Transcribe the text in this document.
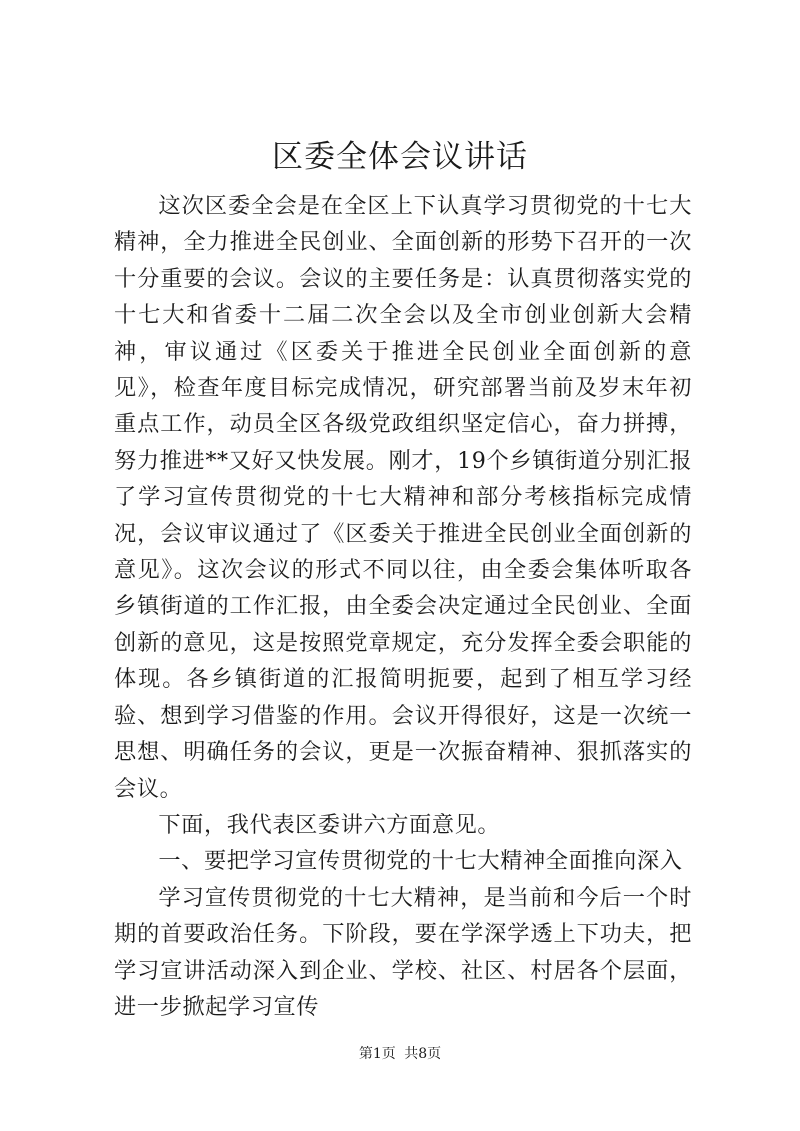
区委全体会议讲话

这次区委全会是在全区上下认真学习贯彻党的十七大精神，全力推进全民创业、全面创新的形势下召开的一次十分重要的会议。会议的主要任务是：认真贯彻落实党的十七大和省委十二届二次全会以及全市创业创新大会精神，审议通过《区委关于推进全民创业全面创新的意见》，检查年度目标完成情况，研究部署当前及岁末年初重点工作，动员全区各级党政组织坚定信心，奋力拼搏，努力推进**又好又快发展。刚才，19个乡镇街道分别汇报了学习宣传贯彻党的十七大精神和部分考核指标完成情况，会议审议通过了《区委关于推进全民创业全面创新的意见》。这次会议的形式不同以往，由全委会集体听取各乡镇街道的工作汇报，由全委会决定通过全民创业、全面创新的意见，这是按照党章规定，充分发挥全委会职能的体现。各乡镇街道的汇报简明扼要，起到了相互学习经验、想到学习借鉴的作用。会议开得很好，这是一次统一思想、明确任务的会议，更是一次振奋精神、狠抓落实的会议。

下面，我代表区委讲六方面意见。

一、要把学习宣传贯彻党的十七大精神全面推向深入

学习宣传贯彻党的十七大精神，是当前和今后一个时期的首要政治任务。下阶段，要在学深学透上下功夫，把学习宣讲活动深入到企业、学校、社区、村居各个层面，进一步掀起学习宣传

第1页 共8页
